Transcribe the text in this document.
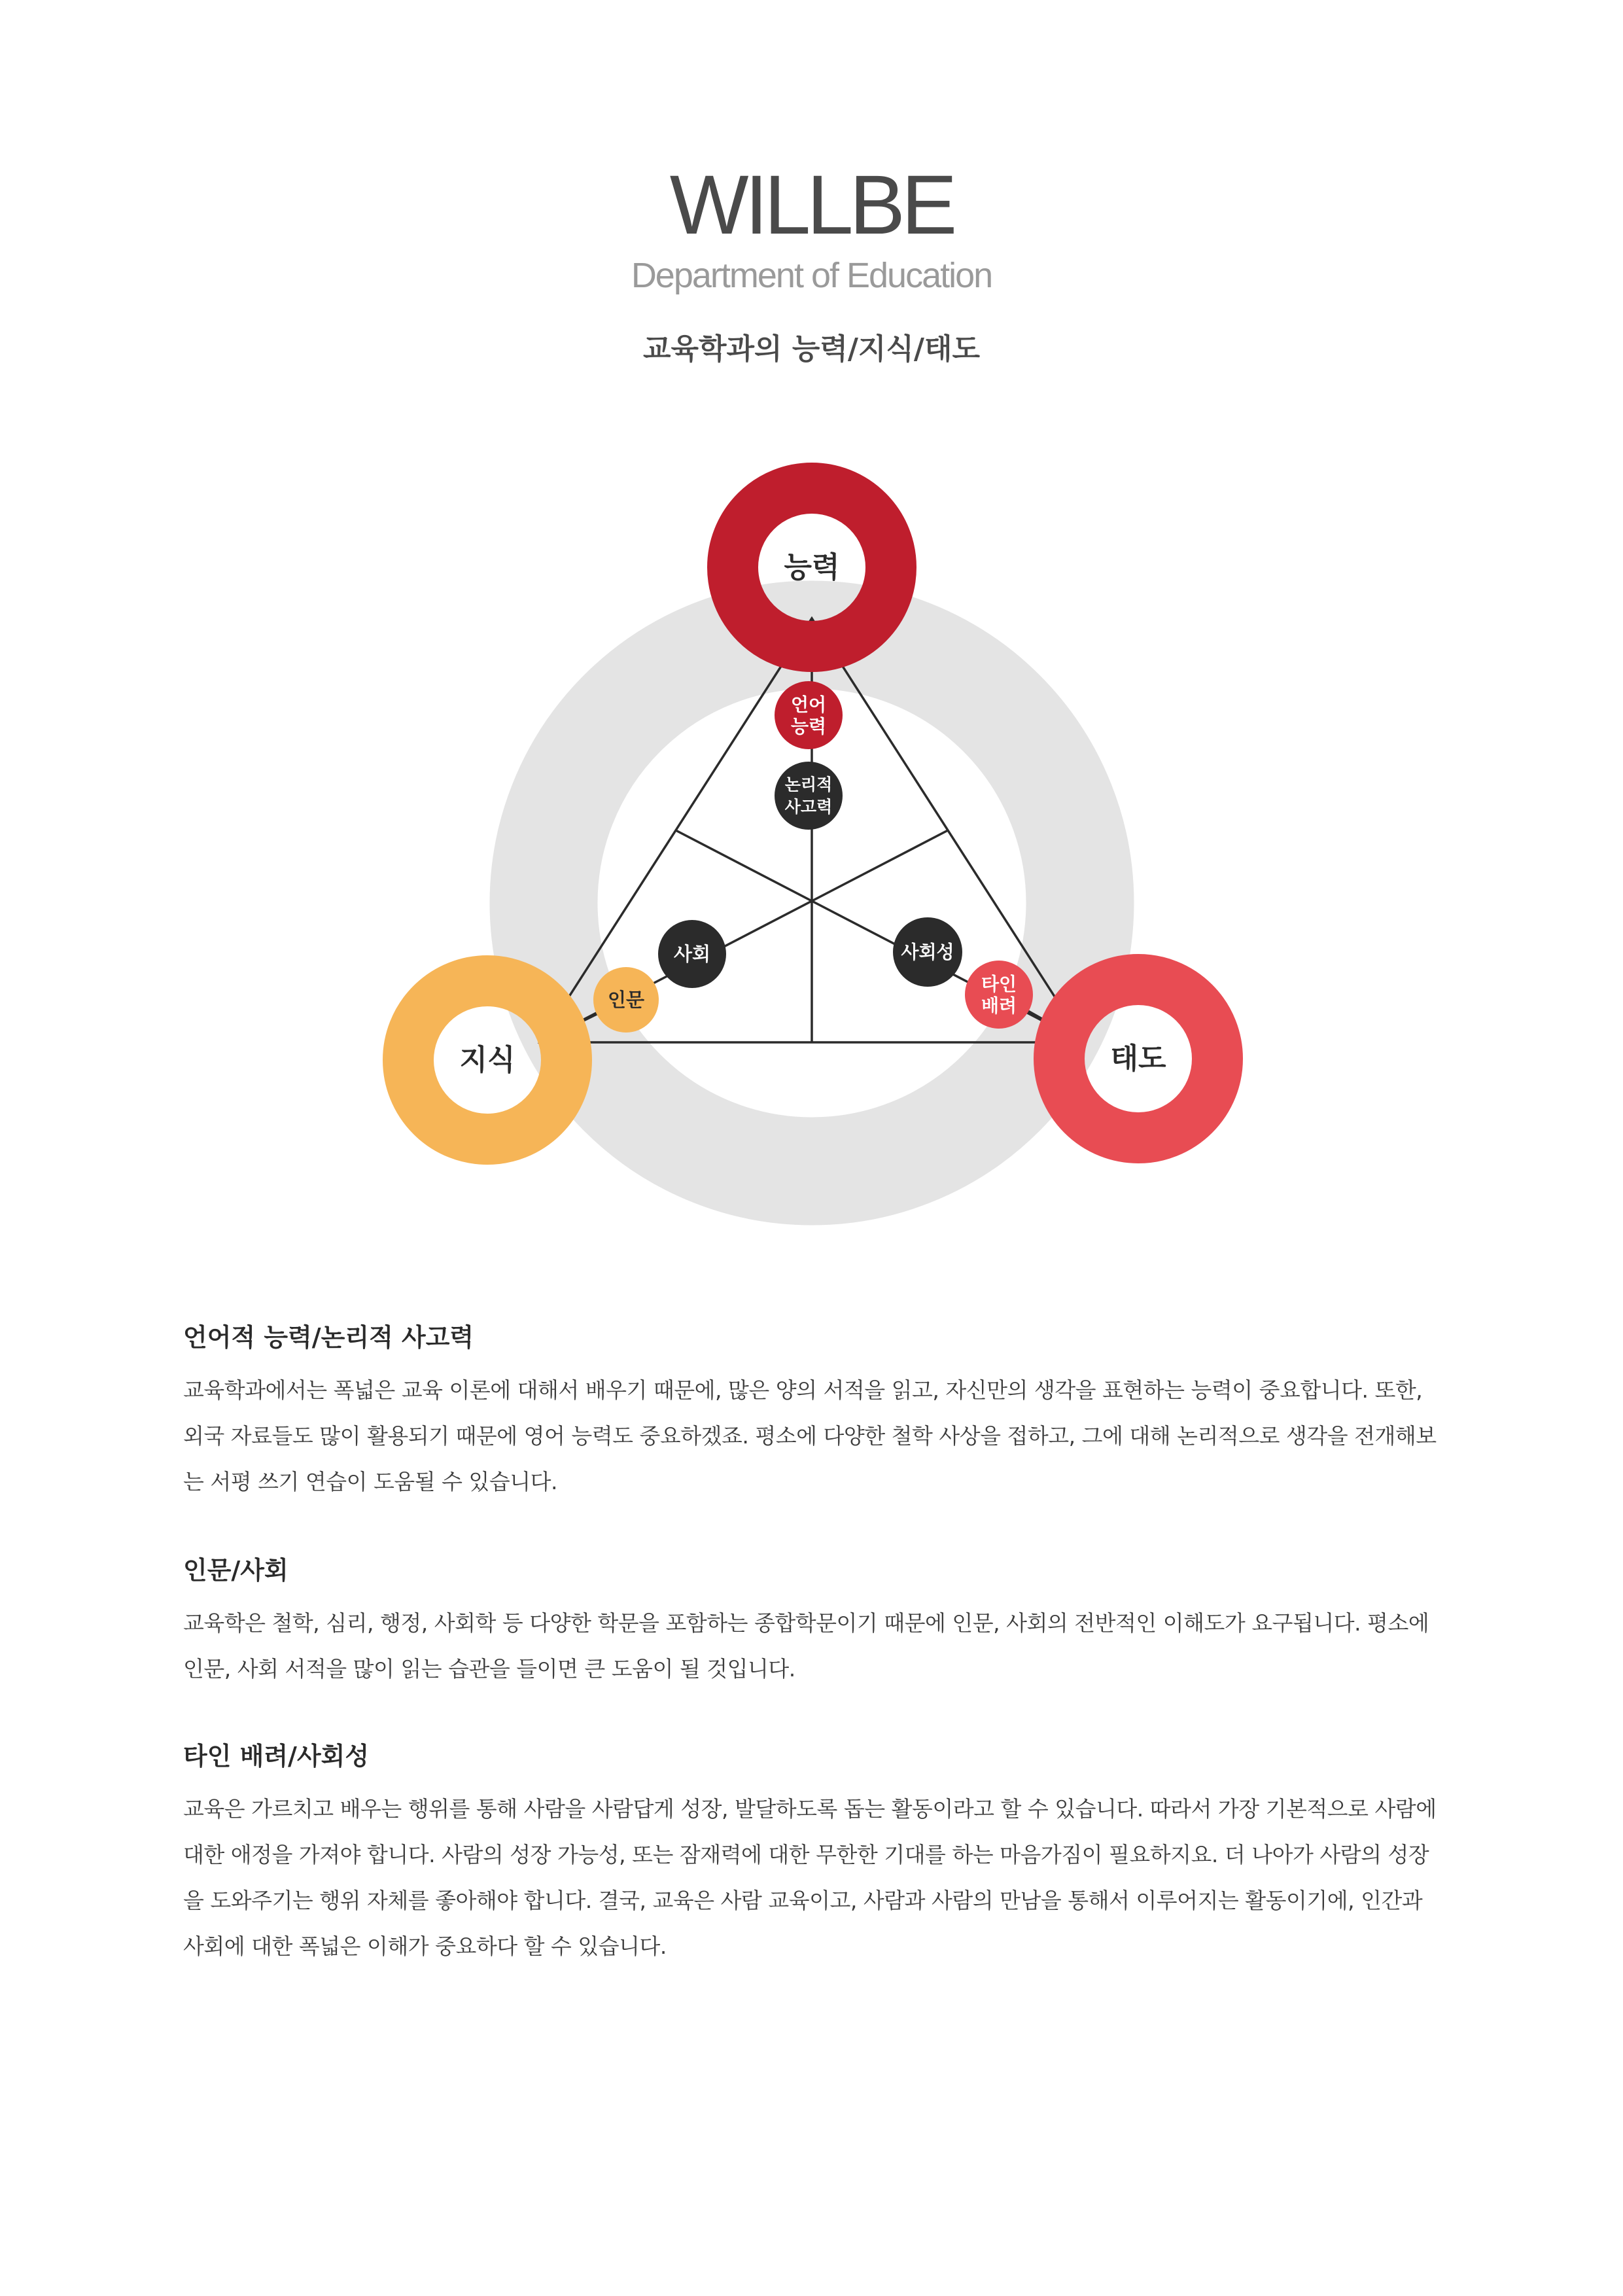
WILLBE
Department of Education
교육학과의 능력/지식/태도
능력
지식	태도
언어
능력
논리적
사고력
사회
인문
사회성
타인
배려
언어적 능력/논리적 사고력

교육학과에서는 폭넓은 교육 이론에 대해서 배우기 때문에, 많은 양의 서적을 읽고, 자신만의 생각을 표현하는 능력이 중요합니다. 또한, 외국 자료들도 많이 활용되기 때문에 영어 능력도 중요하겠죠. 평소에 다양한 철학 사상을 접하고, 그에 대해 논리적으로 생각을 전개해보는 서평 쓰기 연습이 도움될 수 있습니다.

인문/사회

교육학은 철학, 심리, 행정, 사회학 등 다양한 학문을 포함하는 종합학문이기 때문에 인문, 사회의 전반적인 이해도가 요구됩니다. 평소에 인문, 사회 서적을 많이 읽는 습관을 들이면 큰 도움이 될 것입니다.

타인 배려/사회성

교육은 가르치고 배우는 행위를 통해 사람을 사람답게 성장, 발달하도록 돕는 활동이라고 할 수 있습니다. 따라서 가장 기본적으로 사람에 대한 애정을 가져야 합니다. 사람의 성장 가능성, 또는 잠재력에 대한 무한한 기대를 하는 마음가짐이 필요하지요. 더 나아가 사람의 성장을 도와주기는 행위 자체를 좋아해야 합니다. 결국, 교육은 사람 교육이고, 사람과 사람의 만남을 통해서 이루어지는 활동이기에, 인간과 사회에 대한 폭넓은 이해가 중요하다 할 수 있습니다.
